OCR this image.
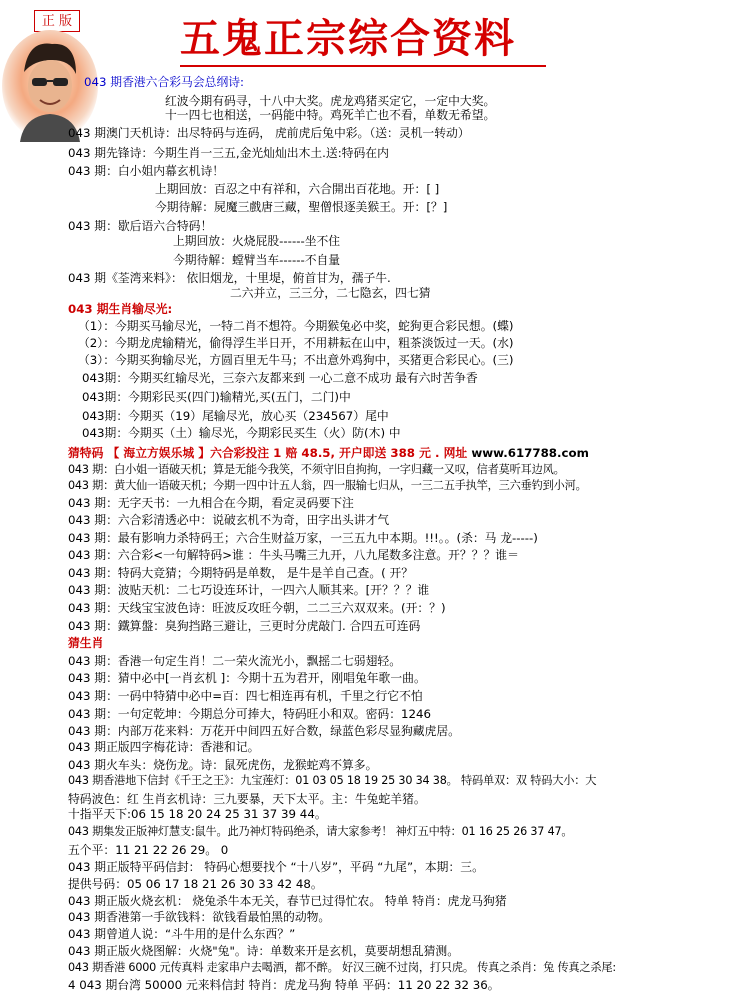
正 版	五鬼正宗综合资料
043 期香港六合彩马会总纲诗:
红波今期有码寻，十八中大奖。虎龙鸡猪买定它，一定中大奖。
十一四七也相送，一码能中特。鸡死羊亡也不看，单数无希望。
043 期澳门天机诗：出尽特码与连码， 虎前虎后兔中彩。（送：灵机一转动）
043 期先锋诗：今期生肖一三五,金光灿灿出木土.送:特码在内
043 期：白小姐内幕玄机诗！
上期回放：百忍之中有祥和，六合開出百花地。开：[ ]
今期待解：屍魔三戲唐三藏，聖僧恨逐美猴王。开：[？]
043 期：歇后语六合特码！
上期回放：火烧屁股------坐不住
今期待解：螳臂当车------不自量
043 期《荃湾来料》： 依旧烟龙，十里堤，俯首甘为，孺子牛.
二六并立，三三分，二七隐玄，四七猜
043 期生肖输尽光:
（1）：今期买马输尽光，一特二肖不想符。今期猴兔必中奖，蛇狗更合彩民想。(蝶)
（2）：今期龙虎输精光，偷得浮生半日开，不用耕耘在山中，粗茶淡饭过一天。(水)
（3）：今期买狗输尽光，方圆百里无牛马；不出意外鸡狗中，买猪更合彩民心。(三)
043期：今期买红输尽光，三奈六友都来到 一心二意不成功 最有六时苦争香
043期：今期彩民买(四门)输精光,买(五门，二门)中
043期：今期买（19）尾输尽光，放心买（234567）尾中
043期：今期买（土）输尽光，今期彩民买生（火）防(木) 中
猜特码 【 海立方娱乐城 】六合彩投注 1 赔 48.5, 开户即送 388 元 . 网址 www.617788.com
043 期：白小姐一语破天机；算是无能今我笑，不须守旧自拘拘，一字归藏一又叹，信者莫听耳边风。
043 期：黄大仙一语破天机；今期一四中计五人翁，四一服输七归从，一三二五手执竿，三六垂钓到小河。
043 期：无字天书：一九相合在今期，看定灵码要下注
043 期：六合彩清透必中：说破玄机不为奇，田字出头讲才气
043 期：最有影响力杀特码王；六合生财益万家，一三五九中本期。!!!。。(杀：马 龙-----)
043 期：六合彩<一句解特码>谁 ：牛头马嘴三九开，八九尾数多注意。开？？？谁＝
043 期：特码大竞猜；今期特码是单数， 是牛是羊自己查。( 开？
043 期：波贴天机：二七巧设连环计，一四六人顺其来。[开？？？谁
043 期：天线宝宝波色诗：旺波反攻旺今朝，二二三六双双来。(开：？)
043 期：鐵算盤：臭狗挡路三避让，三更时分虎敲门. 合四五可连码
猜生肖
043 期：香港一句定生肖！二一荣火流光小，飘摇二七弱翅轻。
043 期：猜中必中[一肖玄机 ]：今期十五为君开，刚唱兔年歌一曲。
043 期：一码中特猜中必中=百：四七相连再有机，千里之行它不怕
043 期：一句定乾坤：今期总分可捧大，特码旺小和双。密码：1246
043 期：内部万花来料：万花开中间四五好合数，绿蓝色彩尽显狗藏虎居。
043 期正版四字梅花诗：香港和记。
043 期火车头：烧伤龙。诗：鼠死虎伤，龙猴蛇鸡不算多。
043 期香港地下信封《千王之王》：九宝莲灯：01 03 05 18 19 25 30 34 38。 特码单双：双 特码大小：大
特码波色：红 生肖玄机诗：三九要暴，天下太平。主：牛兔蛇羊猪。
十指平天下:06 15 18 20 24 25 31 37 39 44。
043 期集发正版神灯慧支:鼠牛。此乃神灯特码绝杀，请大家参考！ 神灯五中特：01 16 25 26 37 47。
五个平：11 21 22 26 29。 0
043 期正版特平码信封： 特码心想要找个 “十八岁”，平码 “九尾”，本期：三。
提供号码：05 06 17 18 21 26 30 33 42 48。
043 期正版火烧玄机： 烧兔杀牛本无关，春节已过得忙农。 特单 特肖：虎龙马狗猪
043 期香港第一手欲钱料：欲钱看最怕黑的动物。
043 期曾道人说：“斗牛用的是什么东西？”
043 期正版火烧图解：火烧"兔"。诗：单数来开是玄机，莫要胡想乱猜测。
043 期香港 6000 元传真料 走家串户去喝酒，都不醉。 好汉三碗不过岗，打只虎。 传真之杀肖：兔 传真之杀尾:
4 043 期台湾 50000 元来料信封 特肖：虎龙马狗 特单 平码：11 20 22 32 36。
